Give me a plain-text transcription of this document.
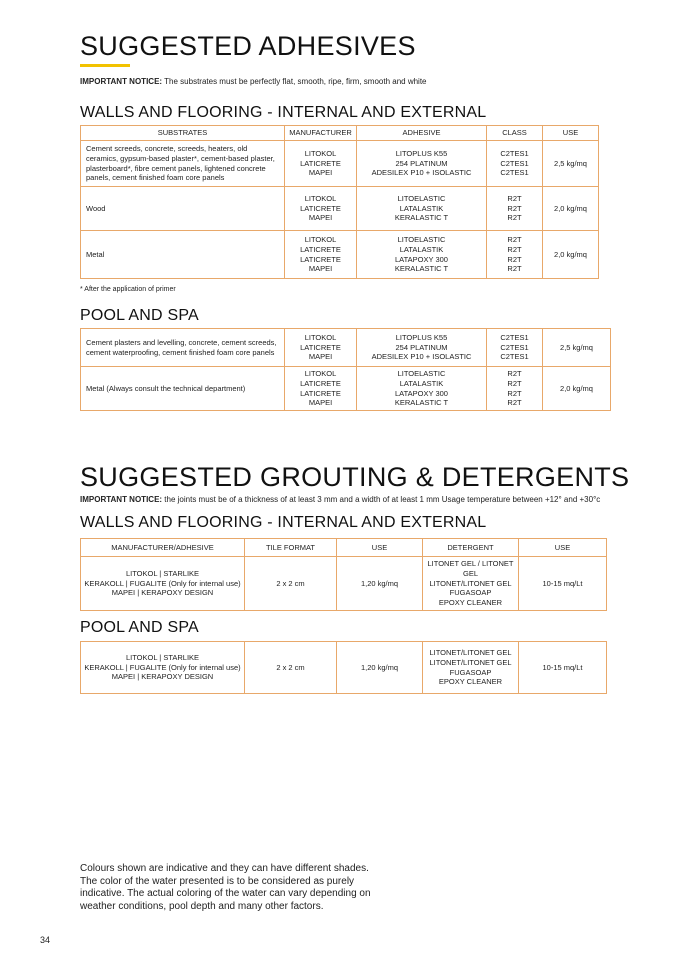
SUGGESTED ADHESIVES
IMPORTANT NOTICE: The substrates must be perfectly flat, smooth, ripe, firm, smooth and white
WALLS AND FLOORING - INTERNAL AND EXTERNAL
SUBSTRATES	MANUFACTURER	ADHESIVE	CLASS	USE
Cement screeds, concrete, screeds, heaters, old ceramics, gypsum-based plaster*, cement-based plaster, plasterboard*, fibre cement panels, lightened concrete panels, cement finished foam core panels	LITOKOL
LATICRETE
MAPEI	LITOPLUS K55
254 PLATINUM
ADESILEX P10 + ISOLASTIC	C2TES1
C2TES1
C2TES1	2,5 kg/mq
Wood	LITOKOL
LATICRETE
MAPEI	LITOELASTIC
LATALASTIK
KERALASTIC T	R2T
R2T
R2T	2,0 kg/mq
Metal	LITOKOL
LATICRETE
LATICRETE
MAPEI	LITOELASTIC
LATALASTIK
LATAPOXY 300
KERALASTIC T	R2T
R2T
R2T
R2T	2,0 kg/mq
* After the application of primer
POOL AND SPA
Cement plasters and levelling, concrete, cement screeds, cement waterproofing, cement finished foam core panels	LITOKOL
LATICRETE
MAPEI	LITOPLUS K55
254 PLATINUM
ADESILEX P10 + ISOLASTIC	C2TES1
C2TES1
C2TES1	2,5 kg/mq
Metal (Always consult the technical department)	LITOKOL
LATICRETE
LATICRETE
MAPEI	LITOELASTIC
LATALASTIK
LATAPOXY 300
KERALASTIC T	R2T
R2T
R2T
R2T	2,0 kg/mq
SUGGESTED GROUTING & DETERGENTS
IMPORTANT NOTICE: the joints must be of a thickness of at least 3 mm and a width of at least 1 mm Usage temperature between +12° and +30°c
WALLS AND FLOORING - INTERNAL AND EXTERNAL
MANUFACTURER/ADHESIVE	TILE FORMAT	USE	DETERGENT	USE

LITOKOL | STARLIKE
KERAKOLL | FUGALITE (Only for internal use)
MAPEI | KERAPOXY DESIGN	2 x 2 cm	1,20 kg/mq	LITONET GEL / LITONET GEL
LITONET/LITONET GEL
FUGASOAP
EPOXY CLEANER	10-15 mq/Lt
POOL AND SPA
LITOKOL | STARLIKE
KERAKOLL | FUGALITE (Only for internal use)
MAPEI | KERAPOXY DESIGN
	2 x 2 cm	1,20 kg/mq	
LITONET/LITONET GEL
LITONET/LITONET GEL
FUGASOAP
EPOXY CLEANER
	10-15 mq/Lt
Colours shown are indicative and they can have different shades.
The color of the water presented is to be considered as purely
indicative. The actual coloring of the water can vary depending on
weather conditions, pool depth and many other factors.
34
